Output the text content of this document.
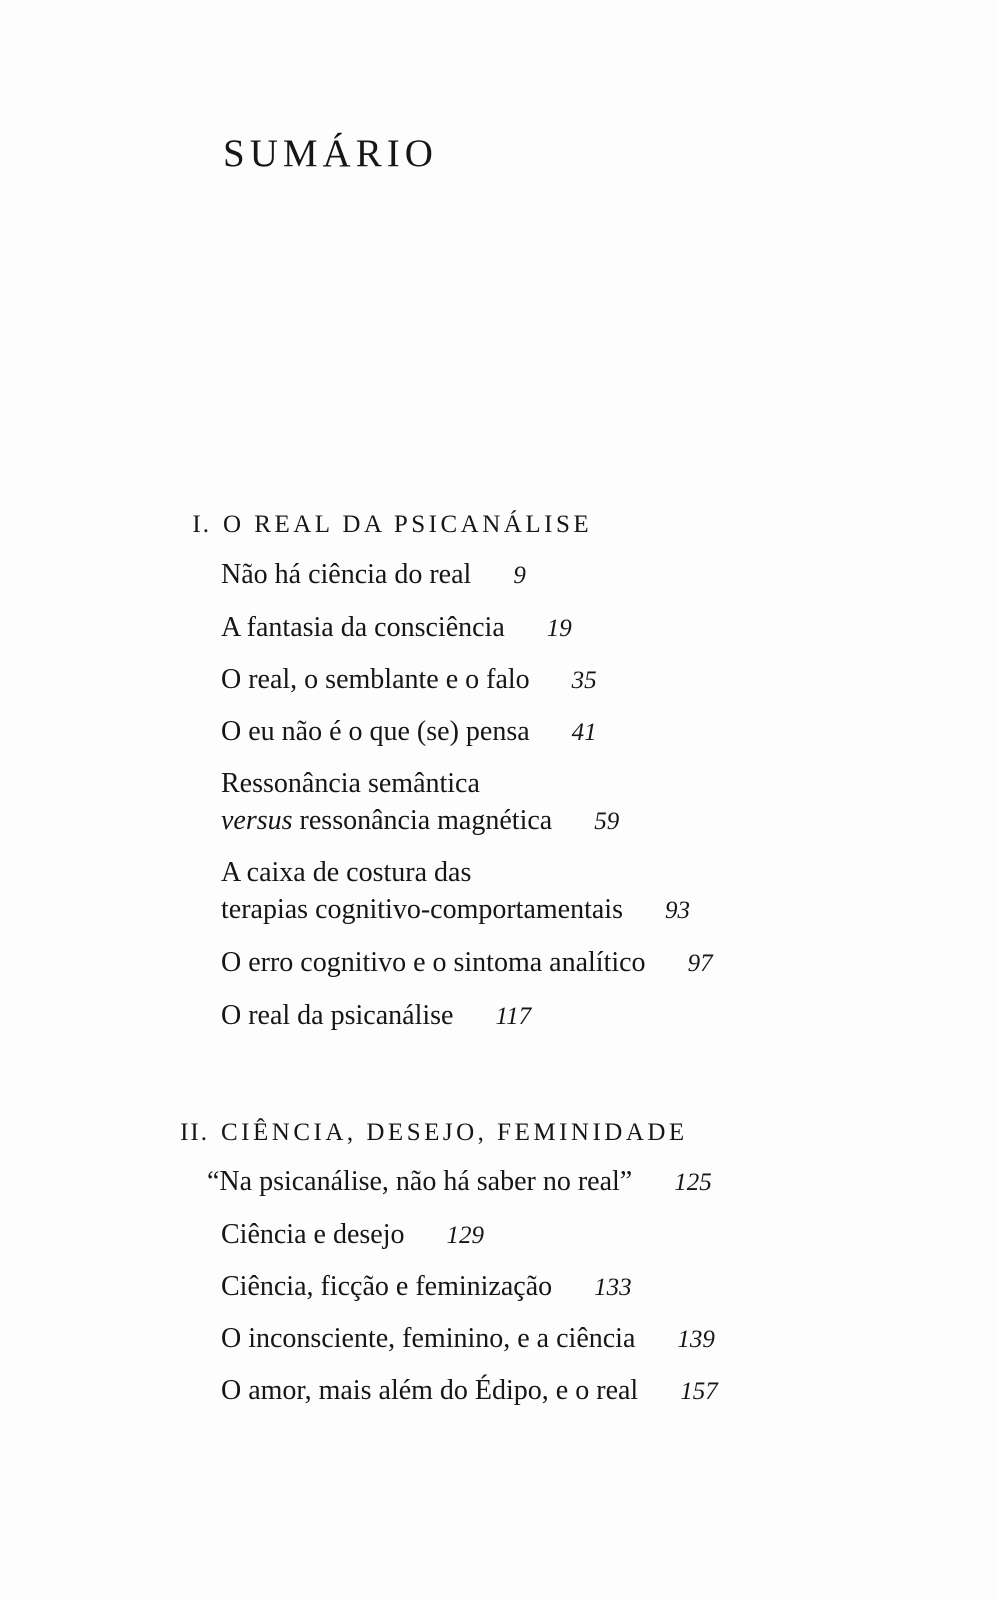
SUMÁRIO
I. O REAL DA PSICANÁLISE
Não há ciência do real 9
A fantasia da consciência 19
O real, o semblante e o falo 35
O eu não é o que (se) pensa 41
Ressonância semântica
versus ressonância magnética 59
A caixa de costura das
terapias cognitivo-comportamentais 93
O erro cognitivo e o sintoma analítico 97
O real da psicanálise 117
II. CIÊNCIA, DESEJO, FEMINIDADE
“Na psicanálise, não há saber no real” 125
Ciência e desejo 129
Ciência, ficção e feminização 133
O inconsciente, feminino, e a ciência 139
O amor, mais além do Édipo, e o real 157
